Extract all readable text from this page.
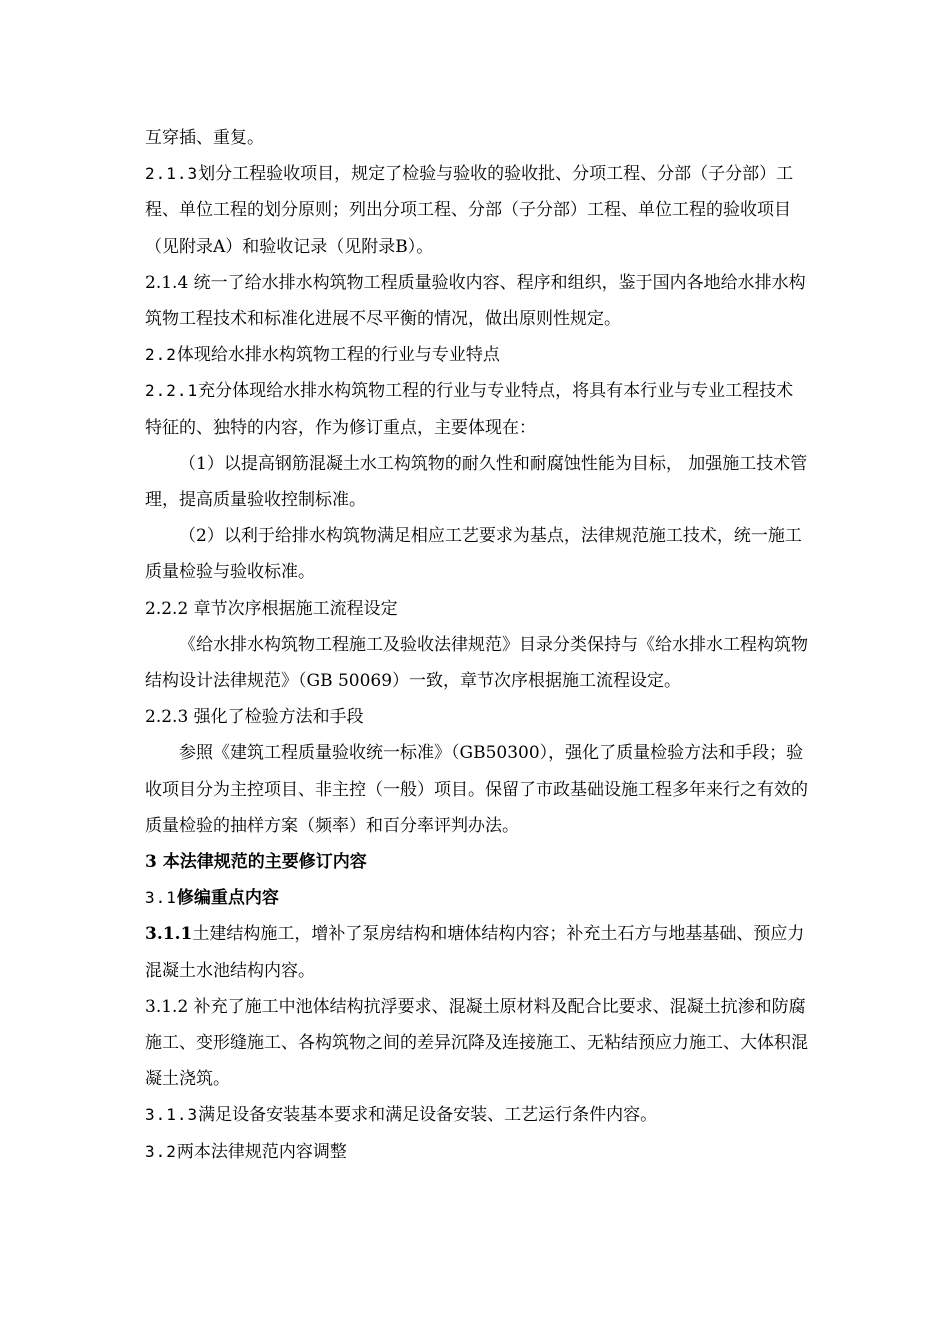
互穿插、重复。

2.1.3划分工程验收项目，规定了检验与验收的验收批、分项工程、分部（子分部）工程、单位工程的划分原则；列出分项工程、分部（子分部）工程、单位工程的验收项目（见附录A）和验收记录（见附录B）。

2.1.4 统一了给水排水构筑物工程质量验收内容、程序和组织，鉴于国内各地给水排水构筑物工程技术和标准化进展不尽平衡的情况，做出原则性规定。

2.2体现给水排水构筑物工程的行业与专业特点

2.2.1充分体现给水排水构筑物工程的行业与专业特点，将具有本行业与专业工程技术特征的、独特的内容，作为修订重点，主要体现在：

（1）以提高钢筋混凝土水工构筑物的耐久性和耐腐蚀性能为目标， 加强施工技术管理，提高质量验收控制标准。

（2）以利于给排水构筑物满足相应工艺要求为基点，法律规范施工技术，统一施工质量检验与验收标准。

2.2.2 章节次序根据施工流程设定

《给水排水构筑物工程施工及验收法律规范》目录分类保持与《给水排水工程构筑物结构设计法律规范》（GB 50069）一致，章节次序根据施工流程设定。

2.2.3 强化了检验方法和手段

参照《建筑工程质量验收统一标准》（GB50300），强化了质量检验方法和手段；验收项目分为主控项目、非主控（一般）项目。保留了市政基础设施工程多年来行之有效的质量检验的抽样方案（频率）和百分率评判办法。

3 本法律规范的主要修订内容

3.1修编重点内容

3.1.1土建结构施工，增补了泵房结构和塘体结构内容；补充土石方与地基基础、预应力混凝土水池结构内容。

3.1.2 补充了施工中池体结构抗浮要求、混凝土原材料及配合比要求、混凝土抗渗和防腐施工、变形缝施工、各构筑物之间的差异沉降及连接施工、无粘结预应力施工、大体积混凝土浇筑。

3.1.3满足设备安装基本要求和满足设备安装、工艺运行条件内容。

3.2两本法律规范内容调整
